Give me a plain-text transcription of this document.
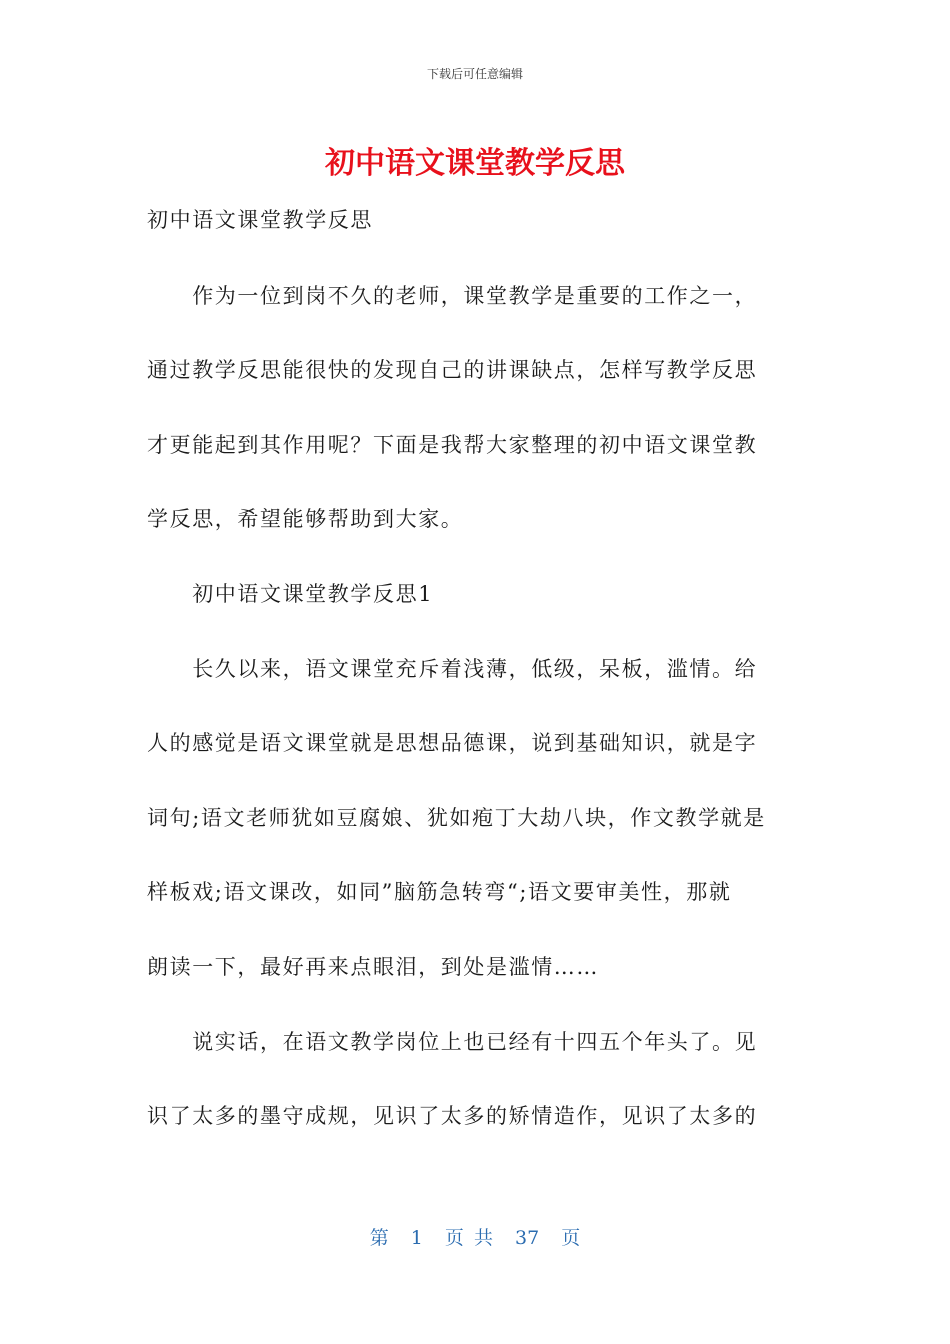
下载后可任意编辑
初中语文课堂教学反思

初中语文课堂教学反思

　　作为一位到岗不久的老师，课堂教学是重要的工作之一，

通过教学反思能很快的发现自己的讲课缺点，怎样写教学反思

才更能起到其作用呢？下面是我帮大家整理的初中语文课堂教

学反思，希望能够帮助到大家。

　　初中语文课堂教学反思1

　　长久以来，语文课堂充斥着浅薄，低级，呆板，滥情。给

人的感觉是语文课堂就是思想品德课，说到基础知识，就是字

词句;语文老师犹如豆腐娘、犹如疱丁大劫八块，作文教学就是

样板戏;语文课改，如同”脑筋急转弯“;语文要审美性，那就

朗读一下，最好再来点眼泪，到处是滥情……

　　说实话，在语文教学岗位上也已经有十四五个年头了。见

识了太多的墨守成规，见识了太多的矫情造作，见识了太多的

第 1 页 共 37 页
